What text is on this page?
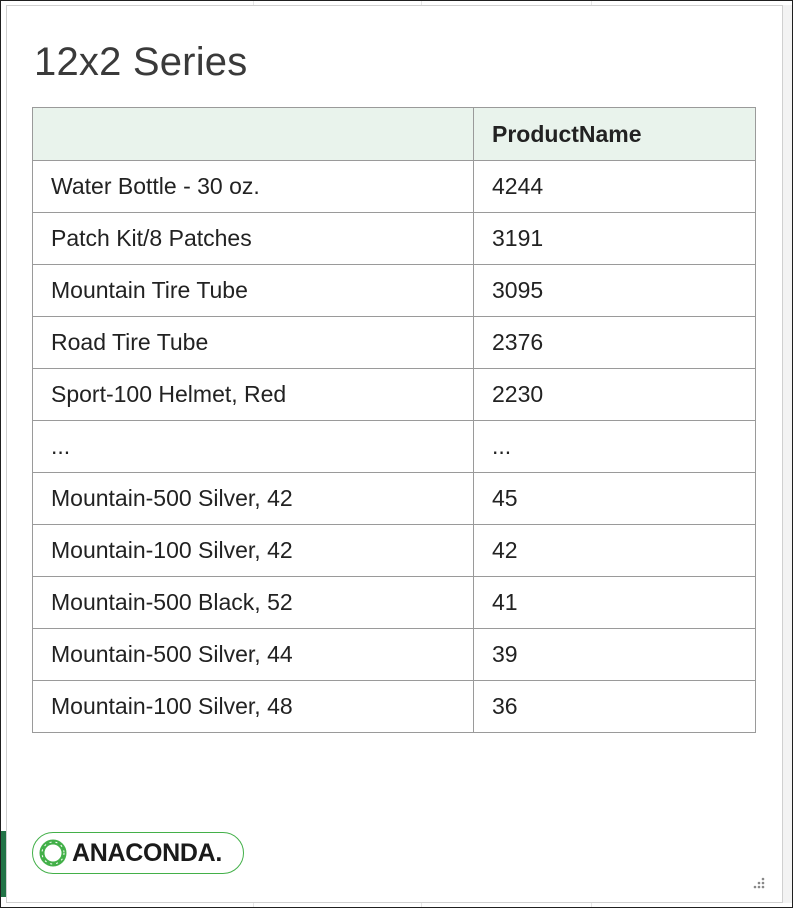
12x2 Series
	ProductName
Water Bottle - 30 oz.	4244
Patch Kit/8 Patches	3191
Mountain Tire Tube	3095
Road Tire Tube	2376
Sport-100 Helmet, Red	2230
...	...
Mountain-500 Silver, 42	45
Mountain-100 Silver, 42	42
Mountain-500 Black, 52	41
Mountain-500 Silver, 44	39
Mountain-100 Silver, 48	36
ANACONDA.
